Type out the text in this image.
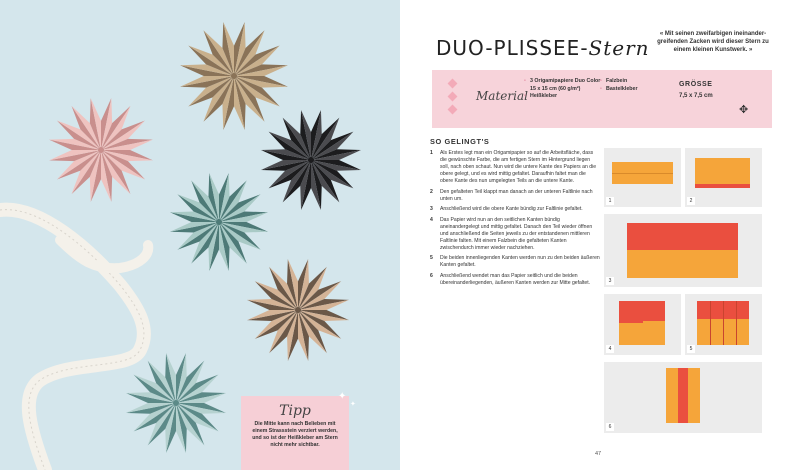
Tipp
Die Mitte kann nach Belieben mit einem Strassstein verziert werden, und so ist der Heißkleber am Stern nicht mehr sichtbar.
✦
✦
DUO-PLISSEE-Stern
« Mit seinen zweifarbigen ineinander-greifenden Zacken wird dieser Stern zu einem kleinen Kunstwerk. »
Material
• 3 Origamipapiere Duo Color 15 x 15 cm (60 g/m²)
• Heißkleber
• Falzbein
• Bastelkleber
GRÖSSE
7,5 x 7,5 cm
✥
SO GELINGT'S
1	Als Erstes legt man ein Origamipapier so auf die Arbeitsfläche, dass die gewünschte Farbe, die am fertigen Stern im Hintergrund liegen soll, nach oben schaut. Nun wird die untere Kante des Papiers an die obere gelegt, und es wird mittig gefaltet. Daraufhin faltet man die obere Kante des nun umgelegten Teils an die untere Kante.
2	Den gefalteten Teil klappt man danach an der unteren Faltlinie nach unten um.
3	Anschließend wird die obere Kante bündig zur Faltlinie gefaltet.
4	Das Papier wird nun an den seitlichen Kanten bündig aneinandergelegt und mittig gefaltet. Danach den Teil wieder öffnen und anschließend die Seiten jeweils zu der entstandenen mittleren Faltlinie falten. Mit einem Falzbein die gefalteten Kanten zwischendurch immer wieder nachziehen.
5	Die beiden innenliegenden Kanten werden nun zu den beiden äußeren Kanten gefaltet.
6	Anschließend wendet man das Papier seitlich und die beiden übereinanderliegenden, äußeren Kanten werden zur Mitte gefaltet.
1	2
3
4	5
6
47
